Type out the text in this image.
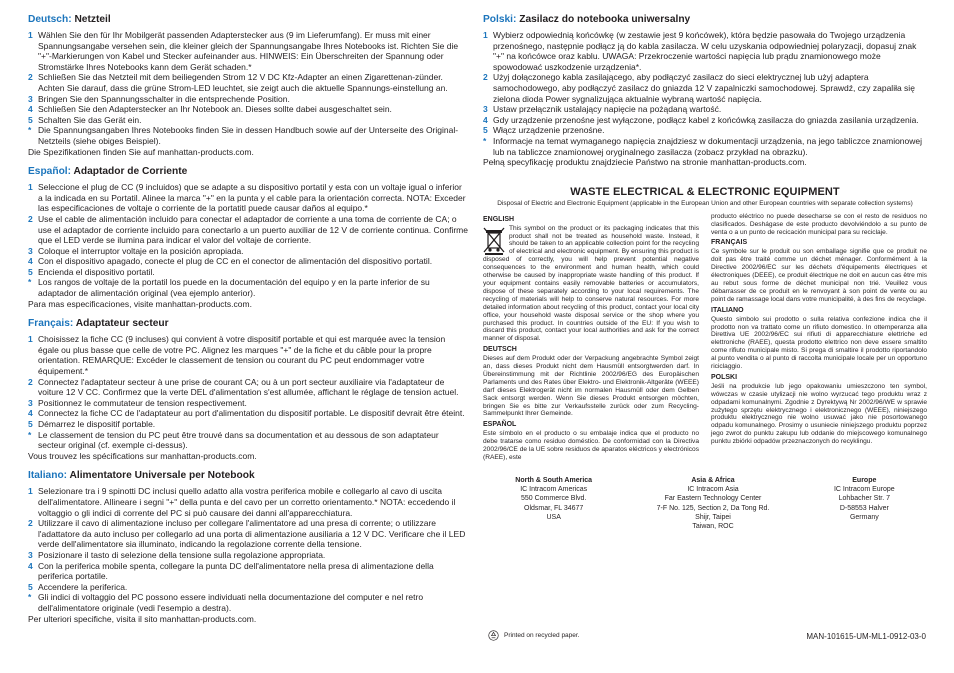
Deutsch: Netzteil
1 Wählen Sie den für Ihr Mobilgerät passenden Adapterstecker aus (9 im Lieferumfang). Er muss mit einer Spannungsangabe versehen sein, die kleiner gleich der Spannungsangabe Ihres Notebooks ist. Richten Sie die "+"-Markierungen von Kabel und Stecker aufeinander aus. HINWEIS: Ein Überschreiten der Spannung oder Stromstärke Ihres Notebooks kann dem Gerät schaden.*
2 Schließen Sie das Netzteil mit dem beiliegenden Strom 12 V DC Kfz-Adapter an einen Zigarettenan-zünder. Achten Sie darauf, dass die grüne Strom-LED leuchtet, sie zeigt auch die aktuelle Spannungs-einstellung an.
3 Bringen Sie den Spannungsschalter in die entsprechende Position.
4 Schließen Sie den Adapterstecker an Ihr Notebook an. Dieses sollte dabei ausgeschaltet sein.
5 Schalten Sie das Gerät ein.
* Die Spannungsangaben Ihres Notebooks finden Sie in dessen Handbuch sowie auf der Unterseite des Original-Netzteils (siehe obiges Beispiel).
Die Spezifikationen finden Sie auf manhattan-products.com.
Español: Adaptador de Corriente
1 Seleccione el plug de CC (9 incluidos) que se adapte a su dispositivo portatil y esta con un voltaje igual o inferior a la indicada en su Portatil. Alinee la marca "+" en la punta y el cable para la orientación correcta. NOTA: Exceder las especificaciones de voltaje o corriente de la portatitl puede causar daños al equipo.*
2 Use el cable de alimentación incluido para conectar el adaptador de corriente a una toma de corriente de CA; o use el adaptador de corriente incluido para conectarlo a un puerto auxiliar de 12 V de corriente continua. Confirme que el LED verde se ilumina para indicar el valor del voltaje de corriente.
3 Coloque el interruptor voltaje en la posición apropiada.
4 Con el dispositivo apagado, conecte el plug de CC en el conector de alimentación del dispositivo portatil.
5 Encienda el dispositivo portatil.
* Los rangos de voltaje de la portatil los puede en la documentación del equipo y en la parte inferior de su adaptador de alimentación original (vea ejemplo anterior).
Para mas especificaciones, visite manhattan-products.com.
Français: Adaptateur secteur
1 Choisissez la fiche CC (9 incluses) qui convient à votre dispositif portable et qui est marquée avec la tension égale ou plus basse que celle de votre PC. Alignez les marques "+" de la fiche et du câble pour la propre orientation. REMARQUE: Excéder le classement de tension ou courant du PC peut endommager votre équipement.*
2 Connectez l'adaptateur secteur à une prise de courant CA; ou à un port secteur auxiliaire via l'adaptateur de voiture 12 V CC. Confirmez que la verte DEL d'alimentation s'est allumée, affichant le réglage de tension actuel.
3 Positionnez le commutateur de tension respectivement.
4 Connectez la fiche CC de l'adaptateur au port d'alimentation du dispositif portable. Le dispositif devrait être éteint.
5 Démarrez le dispositif portable.
* Le classement de tension du PC peut être trouvé dans sa documentation et au dessous de son adaptateur secteur original (cf. exemple ci-dessus).
Vous trouvez les spécifications sur manhattan-products.com.
Italiano: Alimentatore Universale per Notebook
1 Selezionare tra i 9 spinotti DC inclusi quello adatto alla vostra periferica mobile e collegarlo al cavo di uscita dell'alimentatore. Allineare i segni "+" della punta e del cavo per un corretto orientamento.* NOTA: eccedendo il voltaggio o gli indici di corrente del PC si può causare dei danni all'apparecchiatura.
2 Utilizzare il cavo di alimentazione incluso per collegare l'alimentatore ad una presa di corrente; o utilizzare l'adattatore da auto incluso per collegarlo ad una porta di alimentazione ausiliaria a 12 V DC. Verificare che il LED verde dell'alimentatore sia illuminato, indicando la regolazione corrente della tensione.
3 Posizionare il tasto di selezione della tensione sulla regolazione appropriata.
4 Con la periferica mobile spenta, collegare la punta DC dell'alimentatore nella presa di alimentazione della periferica portatile.
5 Accendere la periferica.
* Gli indici di voltaggio del PC possono essere individuati nella documentazione del computer e nel retro dell'alimentatore originale (vedi l'esempio a destra).
Per ulteriori specifiche, visita il sito manhattan-products.com.
Polski: Zasilacz do notebooka uniwersalny
1 Wybierz odpowiednią końcówkę (w zestawie jest 9 końcówek), która będzie pasowała do Twojego urządzenia przenośnego, następnie podłącz ją do kabla zasilacza. W celu uzyskania odpowiedniej polaryzacji, dopasuj znak "+" na końcówce oraz kablu. UWAGA: Przekroczenie wartości napięcia lub prądu znamionowego może spowodować uszkodzenie urządzenia*.
2 Użyj dołączonego kabla zasilającego, aby podłączyć zasilacz do sieci elektrycznej lub użyj adaptera samochodowego, aby podłączyć zasilacz do gniazda 12 V zapalniczki samochodowej. Sprawdź, czy zapaliła się zielona dioda Power sygnalizująca aktualnie wybraną wartość napięcia.
3 Ustaw przełącznik ustalający napięcie na pożądaną wartość.
4 Gdy urządzenie przenośne jest wyłączone, podłącz kabel z końcówką zasilacza do gniazda zasilania urządzenia.
5 Włącz urządzenie przenośne.
* Informacje na temat wymaganego napięcia znajdziesz w dokumentacji urządzenia, na jego tabliczce znamionowej lub na tabliczce znamionowej oryginalnego zasilacza (zobacz przykład na obrazku).
Pełną specyfikację produktu znajdziecie Państwo na stronie manhattan-products.com.
WASTE ELECTRICAL & ELECTRONIC EQUIPMENT
Disposal of Electric and Electronic Equipment (applicable in the European Union and other European countries with separate collection systems)
ENGLISH
This symbol on the product or its packaging indicates that this product shall not be treated as household waste. Instead, it should be taken to an applicable collection point for the recycling of electrical and electronic equipment. By ensuring this product is disposed of correctly, you will help prevent potential negative consequences to the environment and human health, which could otherwise be caused by inappropriate waste handling of this product. If your equipment contains easily removable batteries or accumulators, dispose of these separately according to your local requirements. The recycling of materials will help to conserve natural resources. For more detailed information about recycling of this product, contact your local city office, your household waste disposal service or the shop where you purchased this product. In countries outside of the EU: If you wish to discard this product, contact your local authorities and ask for the correct manner of disposal.
DEUTSCH
Dieses auf dem Produkt oder der Verpackung angebrachte Symbol zeigt an, dass dieses Produkt nicht dem Hausmüll entsorgtwerden darf. In Übereinstimmung mit der Richtlinie 2002/96/EG des Europäischen Parlaments und des Rates über Elektro- und Elektronik-Altgeräte (WEEE) darf dieses Elektrogerät nicht im normalen Hausmüll oder dem Gelben Sack entsorgt werden. Wenn Sie dieses Produkt entsorgen möchten, bringen Sie es bitte zur Verkaufsstelle zurück oder zum Recycling-Sammelpunkt Ihrer Gemeinde.
ESPAÑOL
Este símbolo en el producto o su embalaje indica que el producto no debe tratarse como residuo doméstico. De conformidad con la Directiva 2002/96/CE de la UE sobre residuos de aparatos eléctricos y electrónicos (RAEE), este
producto eléctrico no puede desecharse se con el resto de residuos no clasificados. Deshágase de este producto devolviéndolo a su punto de venta o a un punto de recicación municipal para su reciclaje.
FRANÇAIS
Ce symbole sur le produit ou son emballage signifie que ce produit ne doit pas être traité comme un déchet ménager. Conformément à la Directive 2002/96/EC sur les déchets d'équipements électriques et électroniques (DEEE), ce produit électrique ne doit en aucun cas être mis au rebut sous forme de déchet municipal non trié. Veuillez vous débarrasser de ce produit en le renvoyant à son point de vente ou au point de ramassage local dans votre municipalité, à des fins de recyclage.
ITALIANO
Questo simbolo sui prodotto o sulla relativa confezione indica che il prodotto non va trattato come un rifiuto domestico. In ottemperanza alla Direttiva UE 2002/96/EC sui rifiuti di apparecchiature elettriche ed elettroniche (RAEE), questa prodotto elettrico non deve essere smaltito come rifiuto municipale misto. Si prega di smaltire il prodotto riportandolo al punto vendita o al punto di raccolta municipale locale per un opportuno riciclaggio.
POLSKI
Jeśli na produkcie lub jego opakowaniu umieszczono ten symbol, wówczas w czasie utylizacji nie wolno wyrzucać tego produktu wraz z odpadami komunalnymi. Zgodnie z Dyrektywą Nr 2002/96/WE w sprawie zużytego sprzętu elektrycznego i elektronicznego (WEEE), niniejszego produktu elektrycznego nie wolno usuwać jako nie posortowanego odpadu komunalnego. Prosimy o usuniecie niniejszego produktu poprzez jego zwrot do punktu zakupu lub oddanie do miejscowego komunalnego punktu zbiórki odpadów przeznaczonych do recyklingu.
North & South America
IC Intracom Americas
550 Commerce Blvd.
Oldsmar, FL 34677
USA
Asia & Africa
IC Intracom Asia
Far Eastern Technology Center
7-F No. 125, Section 2, Da Tong Rd.
Shijr, Taipei
Taiwan, ROC
Europe
IC Intracom Europe
Lohbacher Str. 7
D-58553 Halver
Germany
Printed on recycled paper.	MAN-101615-UM-ML1-0912-03-0
